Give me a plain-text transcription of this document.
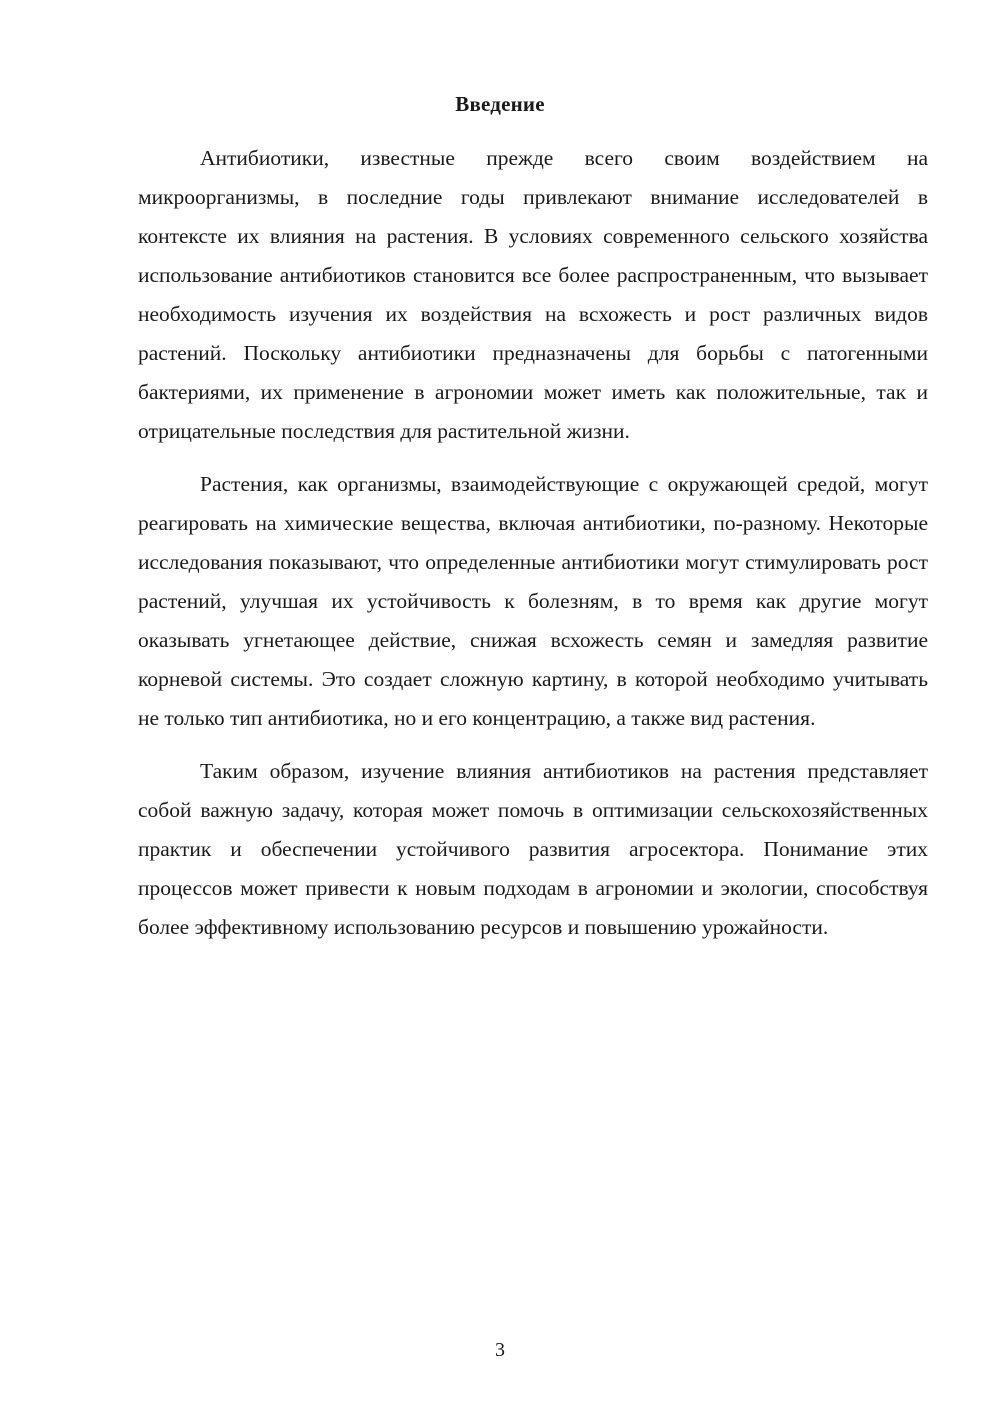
Введение

Антибиотики, известные прежде всего своим воздействием на микроорганизмы, в последние годы привлекают внимание исследователей в контексте их влияния на растения. В условиях современного сельского хозяйства использование антибиотиков становится все более распространенным, что вызывает необходимость изучения их воздействия на всхожесть и рост различных видов растений. Поскольку антибиотики предназначены для борьбы с патогенными бактериями, их применение в агрономии может иметь как положительные, так и отрицательные последствия для растительной жизни.

Растения, как организмы, взаимодействующие с окружающей средой, могут реагировать на химические вещества, включая антибиотики, по-разному. Некоторые исследования показывают, что определенные антибиотики могут стимулировать рост растений, улучшая их устойчивость к болезням, в то время как другие могут оказывать угнетающее действие, снижая всхожесть семян и замедляя развитие корневой системы. Это создает сложную картину, в которой необходимо учитывать не только тип антибиотика, но и его концентрацию, а также вид растения.

Таким образом, изучение влияния антибиотиков на растения представляет собой важную задачу, которая может помочь в оптимизации сельскохозяйственных практик и обеспечении устойчивого развития агросектора. Понимание этих процессов может привести к новым подходам в агрономии и экологии, способствуя более эффективному использованию ресурсов и повышению урожайности.

3
